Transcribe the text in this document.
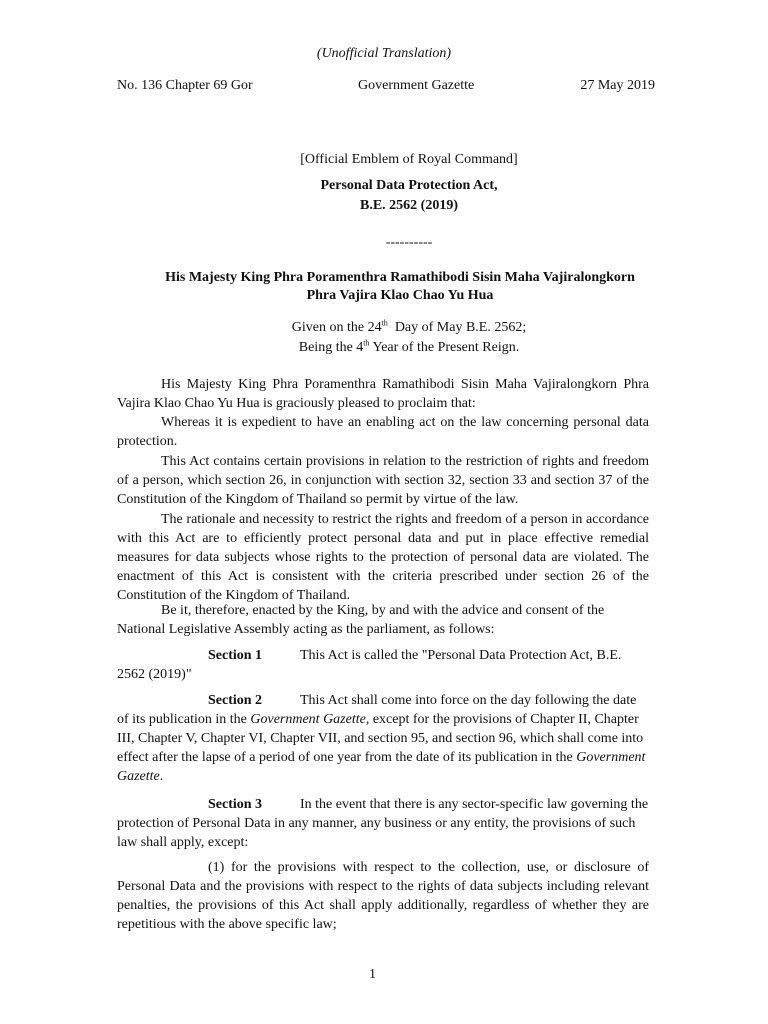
(Unofficial Translation)
No. 136 Chapter 69 Gor	Government Gazette	27 May 2019
[Official Emblem of Royal Command]
Personal Data Protection Act,
B.E. 2562 (2019)
----------
His Majesty King Phra Poramenthra Ramathibodi Sisin Maha Vajiralongkorn
Phra Vajira Klao Chao Yu Hua
Given on the 24th  Day of May B.E. 2562;
Being the 4th Year of the Present Reign.
His Majesty King Phra Poramenthra Ramathibodi Sisin Maha Vajiralongkorn Phra Vajira Klao Chao Yu Hua is graciously pleased to proclaim that:
Whereas it is expedient to have an enabling act on the law concerning personal data protection.
This Act contains certain provisions in relation to the restriction of rights and freedom of a person, which section 26, in conjunction with section 32, section 33 and section 37 of the Constitution of the Kingdom of Thailand so permit by virtue of the law.
The rationale and necessity to restrict the rights and freedom of a person in accordance with this Act are to efficiently protect personal data and put in place effective remedial measures for data subjects whose rights to the protection of personal data are violated. The enactment of this Act is consistent with the criteria prescribed under section 26 of the Constitution of the Kingdom of Thailand.
Be it, therefore, enacted by the King, by and with the advice and consent of the National Legislative Assembly acting as the parliament, as follows:
Section 1	This Act is called the "Personal Data Protection Act, B.E. 2562 (2019)"
Section 2	This Act shall come into force on the day following the date of its publication in the Government Gazette, except for the provisions of Chapter II, Chapter III, Chapter V, Chapter VI, Chapter VII, and section 95, and section 96, which shall come into effect after the lapse of a period of one year from the date of its publication in the Government Gazette.
Section 3	In the event that there is any sector-specific law governing the protection of Personal Data in any manner, any business or any entity, the provisions of such law shall apply, except:
(1) for the provisions with respect to the collection, use, or disclosure of Personal Data and the provisions with respect to the rights of data subjects including relevant penalties, the provisions of this Act shall apply additionally, regardless of whether they are repetitious with the above specific law;
1
